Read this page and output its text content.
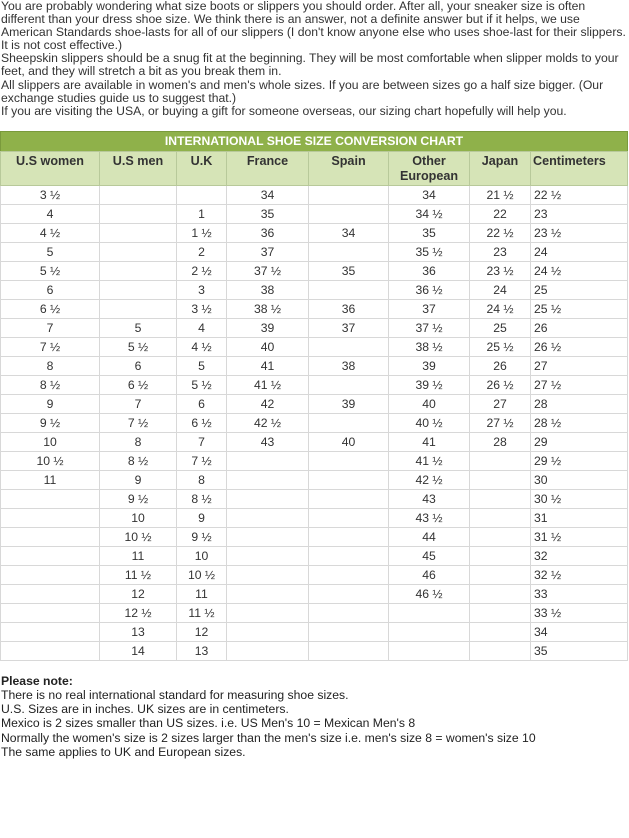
You are probably wondering what size boots or slippers you should order. After all, your sneaker size is often different than your dress shoe size. We think there is an answer, not a definite answer but if it helps, we use American Standards shoe-lasts for all of our slippers (I don't know anyone else who uses shoe-last for their slippers. It is not cost effective.)

Sheepskin slippers should be a snug fit at the beginning. They will be most comfortable when slipper molds to your feet, and they will stretch a bit as you break them in.

All slippers are available in women's and men's whole sizes. If you are between sizes go a half size bigger. (Our exchange studies guide us to suggest that.)

If you are visiting the USA, or buying a gift for someone overseas, our sizing chart hopefully will help you.

INTERNATIONAL SHOE SIZE CONVERSION CHART
U.S women	U.S men	U.K	France	Spain	Other European	Japan	Centimeters
3 ½			34		34	21 ½	22 ½
4		1	35		34 ½	22	23
4 ½		1 ½	36	34	35	22 ½	23 ½
5		2	37		35 ½	23	24
5 ½		2 ½	37 ½	35	36	23 ½	24 ½
6		3	38		36 ½	24	25
6 ½		3 ½	38 ½	36	37	24 ½	25 ½
7	5	4	39	37	37 ½	25	26
7 ½	5 ½	4 ½	40		38 ½	25 ½	26 ½
8	6	5	41	38	39	26	27
8 ½	6 ½	5 ½	41 ½		39 ½	26 ½	27 ½
9	7	6	42	39	40	27	28
9 ½	7 ½	6 ½	42 ½		40 ½	27 ½	28 ½
10	8	7	43	40	41	28	29
10 ½	8 ½	7 ½			41 ½		29 ½
11	9	8			42 ½		30
	9 ½	8 ½			43		30 ½
	10	9			43 ½		31
	10 ½	9 ½			44		31 ½
	11	10			45		32
	11 ½	10 ½			46		32 ½
	12	11			46 ½		33
	12 ½	11 ½					33 ½
	13	12					34
	14	13					35

Please note:

There is no real international standard for measuring shoe sizes.

U.S. Sizes are in inches. UK sizes are in centimeters.

Mexico is 2 sizes smaller than US sizes. i.e. US Men's 10 = Mexican Men's 8

Normally the women's size is 2 sizes larger than the men's size i.e. men's size 8 = women's size 10

The same applies to UK and European sizes.
